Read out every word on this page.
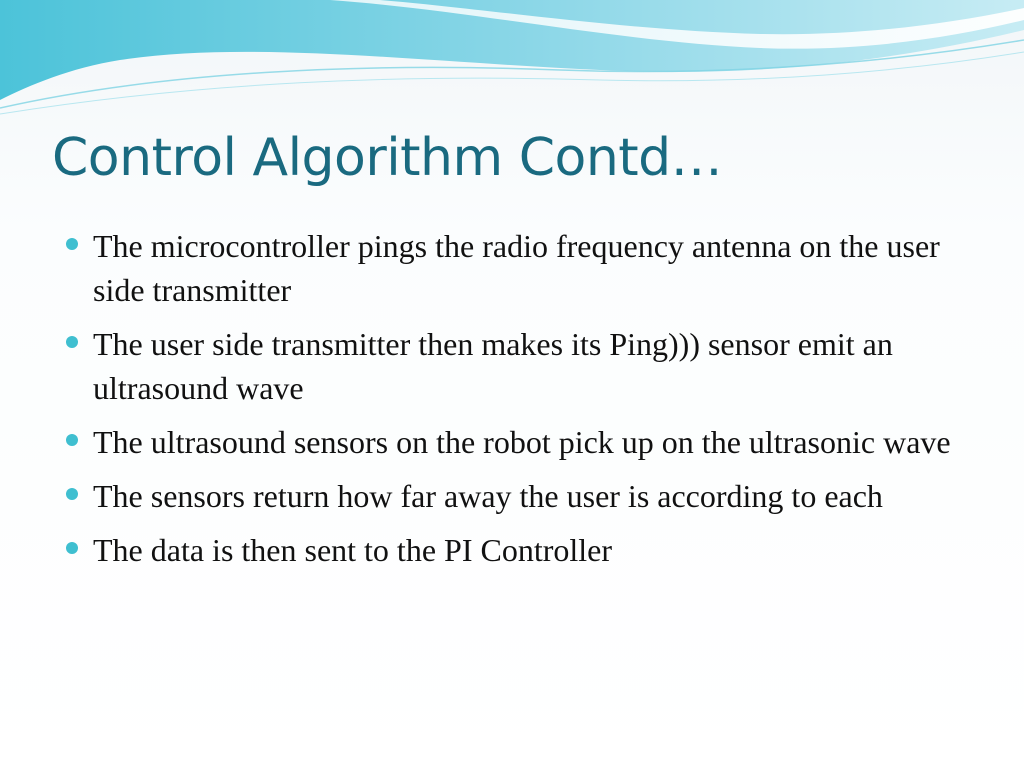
Control Algorithm Contd…
The microcontroller pings the radio frequency antenna on the user side transmitter
The user side transmitter then makes its Ping))) sensor emit an ultrasound wave
The ultrasound sensors on the robot pick up on the ultrasonic wave
The sensors return how far away the user is according to each
The data is then sent to the PI Controller
